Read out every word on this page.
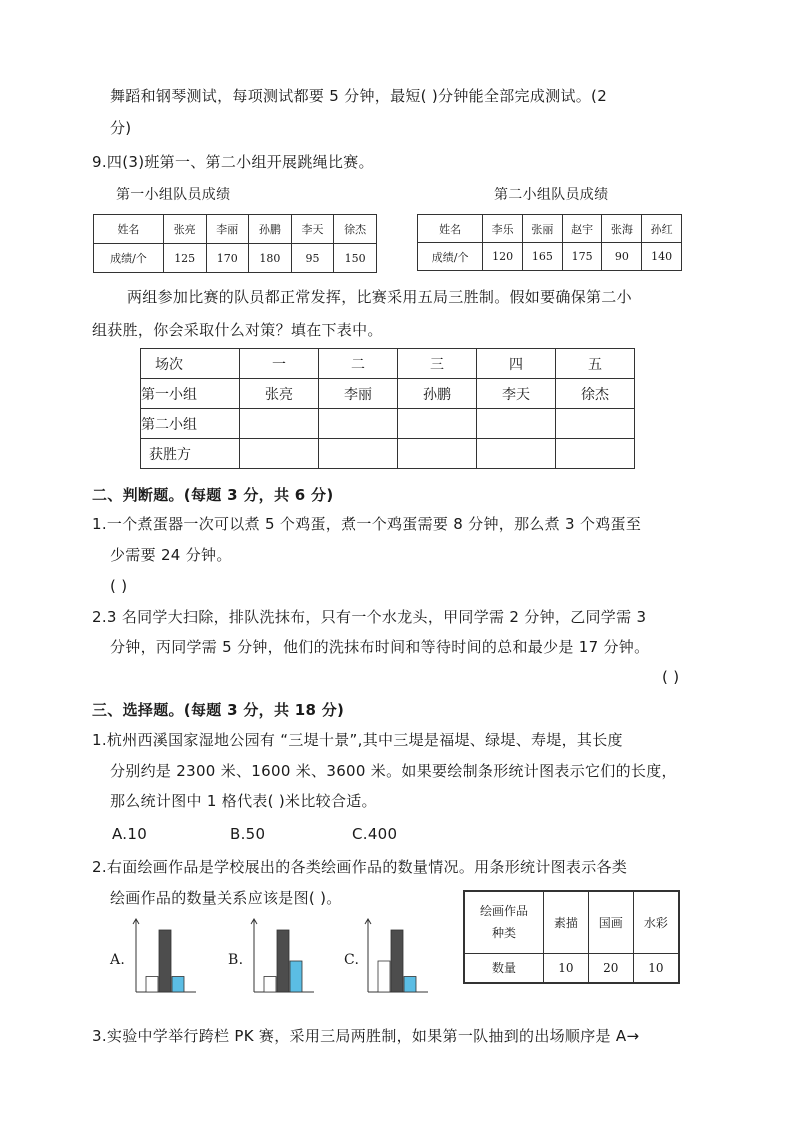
舞蹈和钢琴测试，每项测试都要 5 分钟，最短( )分钟能全部完成测试。(2
分)
9.四(3)班第一、第二小组开展跳绳比赛。
第一小组队员成绩	第二小组队员成绩
姓名	张亮	李丽	孙鹏	李天	徐杰
成绩/个	125	170	180	95	150
姓名	李乐	张丽	赵宇	张海	孙红
成绩/个	120	165	175	90	140
两组参加比赛的队员都正常发挥，比赛采用五局三胜制。假如要确保第二小
组获胜，你会采取什么对策？填在下表中。
场次	一	二	三	四	五
第一小组	张亮	李丽	孙鹏	李天	徐杰
第二小组					
获胜方					
二、判断题。(每题 3 分，共 6 分)
1.一个煮蛋器一次可以煮 5 个鸡蛋，煮一个鸡蛋需要 8 分钟，那么煮 3 个鸡蛋至
少需要 24 分钟。
( )
2.3 名同学大扫除，排队洗抹布，只有一个水龙头，甲同学需 2 分钟，乙同学需 3
分钟，丙同学需 5 分钟，他们的洗抹布时间和等待时间的总和最少是 17 分钟。
( )
三、选择题。(每题 3 分，共 18 分)
1.杭州西溪国家湿地公园有 “三堤十景”,其中三堤是福堤、绿堤、寿堤，其长度
分别约是 2300 米、1600 米、3600 米。如果要绘制条形统计图表示它们的长度，
那么统计图中 1 格代表( )米比较合适。
A.10	B.50	C.400
2.右面绘画作品是学校展出的各类绘画作品的数量情况。用条形统计图表示各类
绘画作品的数量关系应该是图( )。
A.	B.	C.
绘画作品
种类	素描	国画	水彩
数量	10	20	10
3.实验中学举行跨栏 PK 赛，采用三局两胜制，如果第一队抽到的出场顺序是 A→
